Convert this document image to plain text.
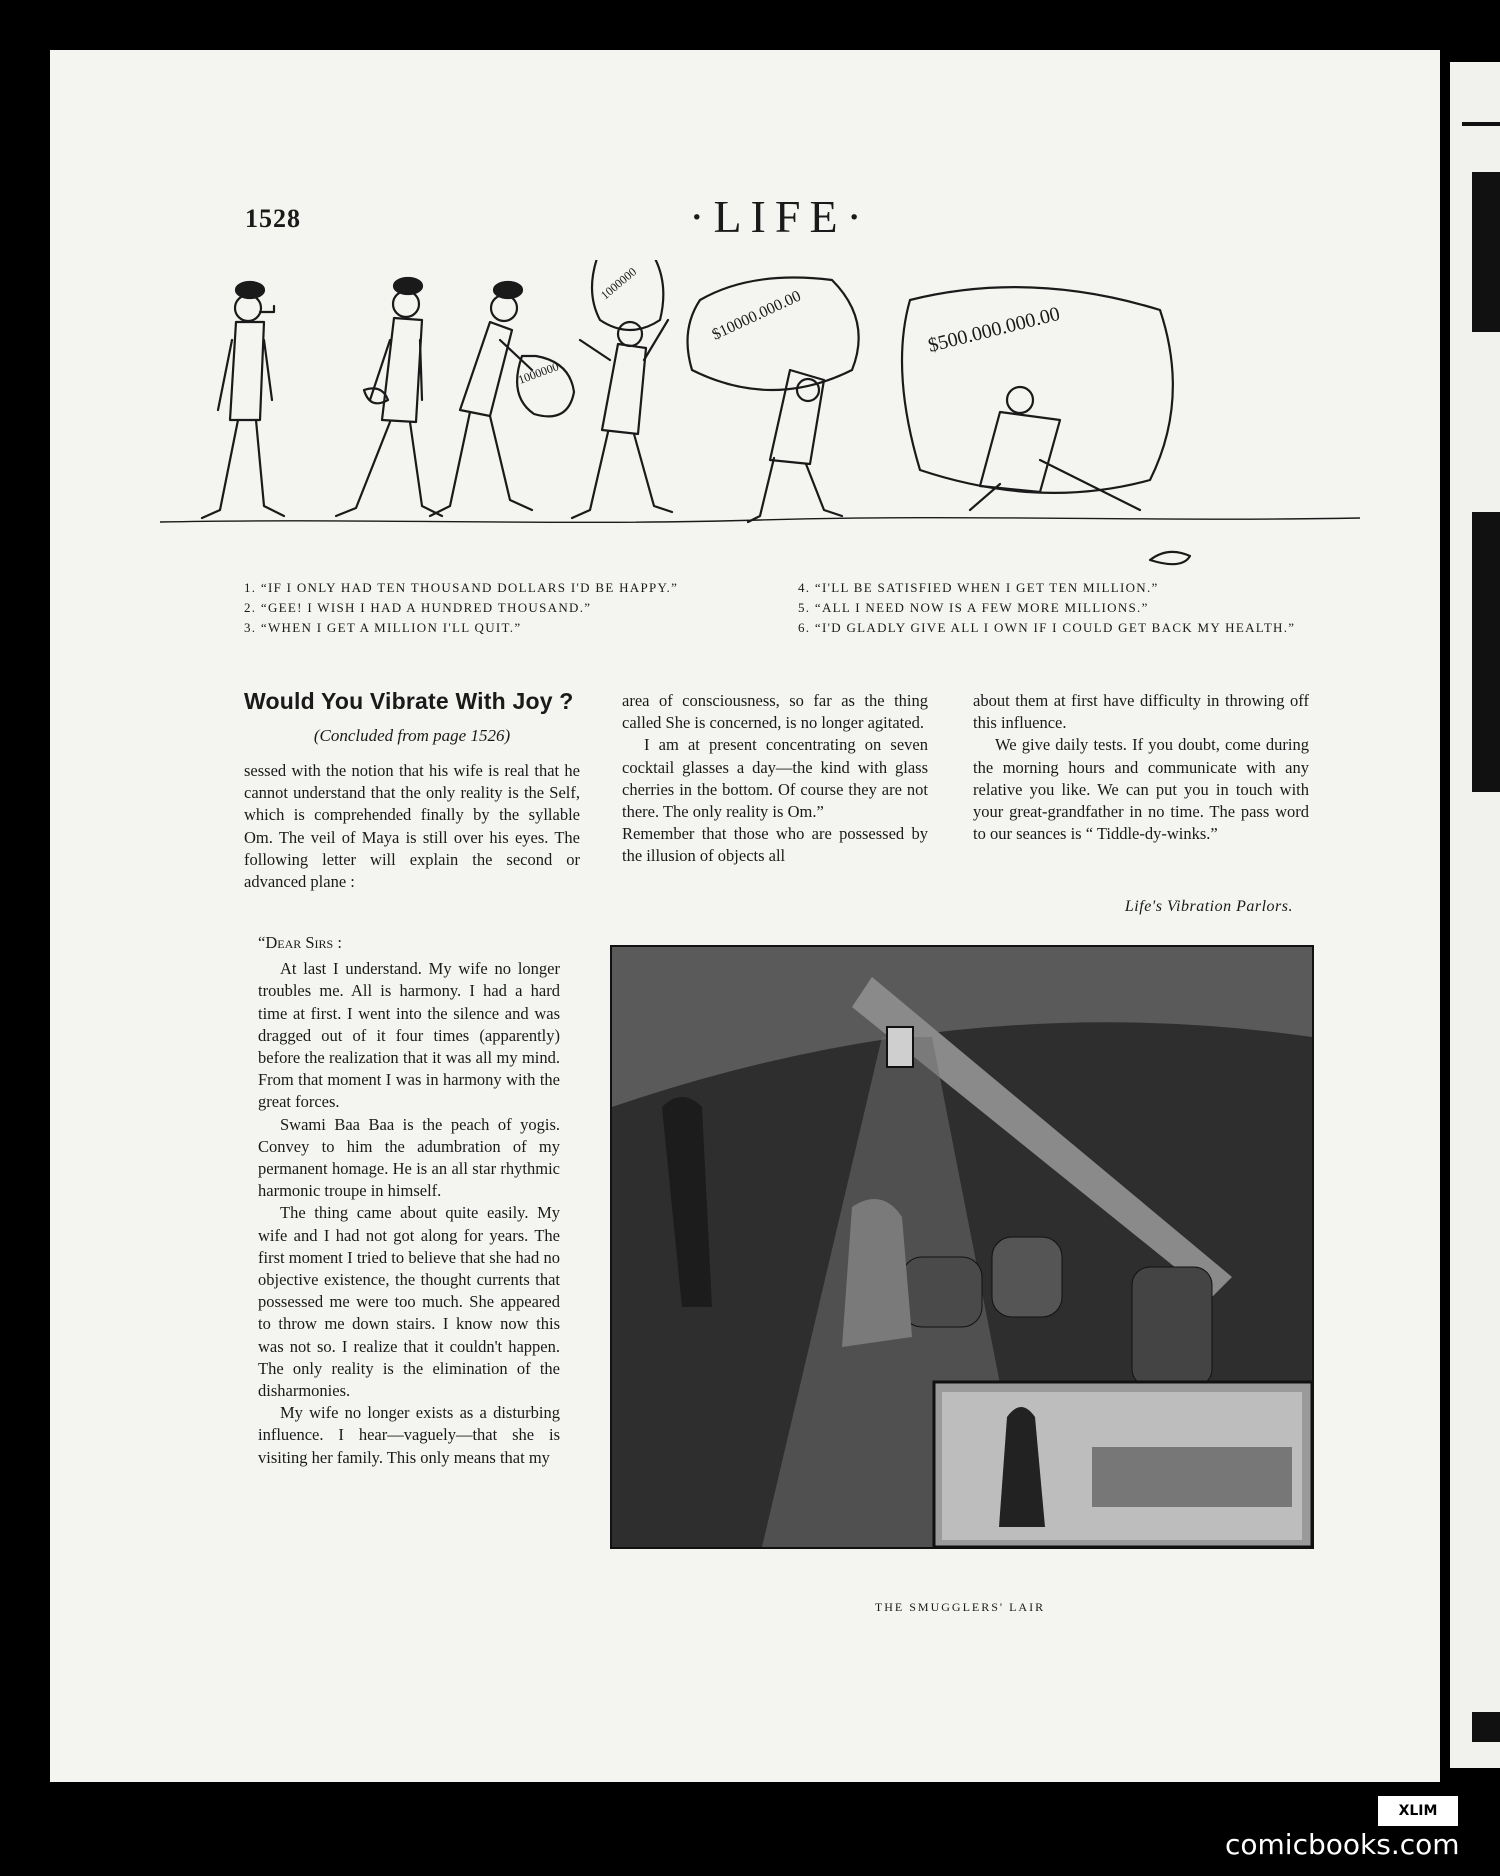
1528	·LIFE·
1000000
1000000
$10000.000.00	$500.000.000.00
1. “IF I ONLY HAD TEN THOUSAND DOLLARS I'D BE HAPPY.”
2. “GEE! I WISH I HAD A HUNDRED THOUSAND.”
3. “WHEN I GET A MILLION I'LL QUIT.”
4. “I'LL BE SATISFIED WHEN I GET TEN MILLION.”
5. “ALL I NEED NOW IS A FEW MORE MILLIONS.”
6. “I'D GLADLY GIVE ALL I OWN IF I COULD GET BACK MY HEALTH.”
Would You Vibrate With Joy ?
(Concluded from page 1526)

sessed with the notion that his wife is real that he cannot understand that the only reality is the Self, which is comprehended finally by the syllable Om. The veil of Maya is still over his eyes. The following letter will explain the second or advanced plane :

“Dear Sirs :

At last I understand. My wife no longer troubles me. All is harmony. I had a hard time at first. I went into the silence and was dragged out of it four times (apparently) before the realization that it was all my mind. From that moment I was in harmony with the great forces.

Swami Baa Baa is the peach of yogis. Convey to him the adumbration of my permanent homage. He is an all star rhythmic harmonic troupe in himself.

The thing came about quite easily. My wife and I had not got along for years. The first moment I tried to believe that she had no objective existence, the thought currents that possessed me were too much. She appeared to throw me down stairs. I know now this was not so. I realize that it couldn't happen. The only reality is the elimination of the disharmonies.

My wife no longer exists as a disturbing influence. I hear—vaguely—that she is visiting her family. This only means that my

area of consciousness, so far as the thing called She is concerned, is no longer agitated.

I am at present concentrating on seven cocktail glasses a day—the kind with glass cherries in the bottom. Of course they are not there. The only reality is Om.”

Remember that those who are possessed by the illusion of objects all

about them at first have difficulty in throwing off this influence.

We give daily tests. If you doubt, come during the morning hours and communicate with any relative you like. We can put you in touch with your great-grandfather in no time. The pass word to our seances is “ Tiddle-dy-winks.”

Life's Vibration Parlors.
THE SMUGGLERS' LAIR
XLIM
comicbooks.com
